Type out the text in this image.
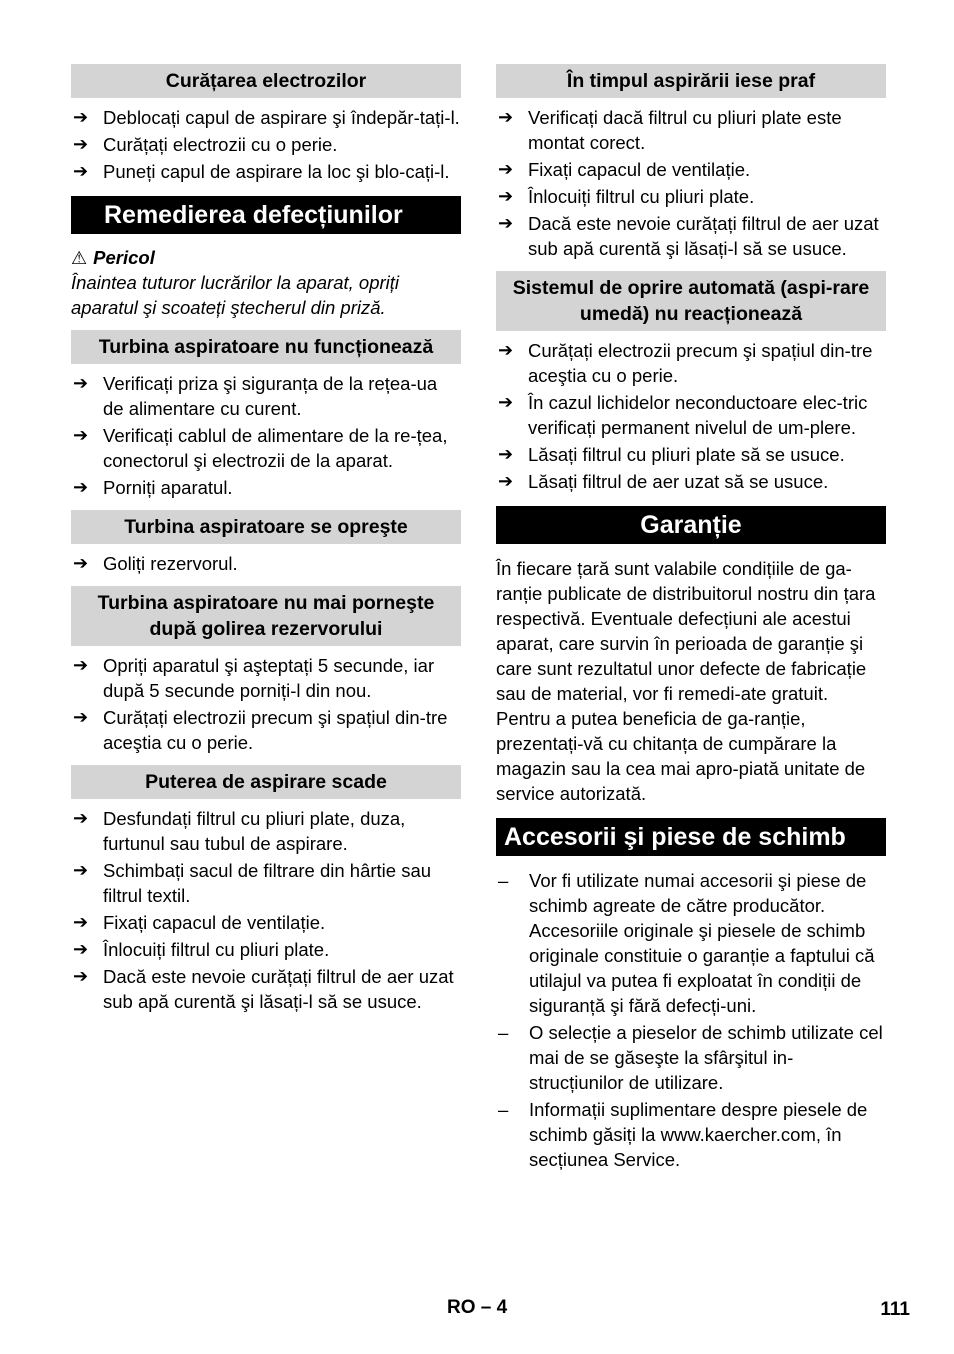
Curățarea electrozilor
➔ Deblocați capul de aspirare şi îndepăr-tați-l.
➔ Curățați electrozii cu o perie.
➔ Puneți capul de aspirare la loc şi blo-cați-l.
Remedierea defecțiunilor
⚠ Pericol
Înaintea tuturor lucrărilor la aparat, opriți aparatul şi scoateți ştecherul din priză.
Turbina aspiratoare nu funcționează
➔ Verificați priza şi siguranța de la rețea-ua de alimentare cu curent.
➔ Verificați cablul de alimentare de la re-țea, conectorul şi electrozii de la aparat.
➔ Porniți aparatul.
Turbina aspiratoare se opreşte
➔ Goliți rezervorul.
Turbina aspiratoare nu mai porneşte după golirea rezervorului
➔ Opriți aparatul şi aşteptați 5 secunde, iar după 5 secunde porniți-l din nou.
➔ Curățați electrozii precum şi spațiul din-tre aceştia cu o perie.
Puterea de aspirare scade
➔ Desfundați filtrul cu pliuri plate, duza, furtunul sau tubul de aspirare.
➔ Schimbați sacul de filtrare din hârtie sau filtrul textil.
➔ Fixați capacul de ventilație.
➔ Înlocuiți filtrul cu pliuri plate.
➔ Dacă este nevoie curățați filtrul de aer uzat sub apă curentă şi lăsați-l să se usuce.
În timpul aspirării iese praf
➔ Verificați dacă filtrul cu pliuri plate este montat corect.
➔ Fixați capacul de ventilație.
➔ Înlocuiți filtrul cu pliuri plate.
➔ Dacă este nevoie curățați filtrul de aer uzat sub apă curentă şi lăsați-l să se usuce.
Sistemul de oprire automată (aspi-rare umedă) nu reacționează
➔ Curățați electrozii precum şi spațiul din-tre aceştia cu o perie.
➔ În cazul lichidelor neconductoare elec-tric verificați permanent nivelul de um-plere.
➔ Lăsați filtrul cu pliuri plate să se usuce.
➔ Lăsați filtrul de aer uzat să se usuce.
Garanție
În fiecare țară sunt valabile condițiile de ga-ranție publicate de distribuitorul nostru din țara respectivă. Eventuale defecțiuni ale acestui aparat, care survin în perioada de garanție şi care sunt rezultatul unor defecte de fabricație sau de material, vor fi remedi-ate gratuit. Pentru a putea beneficia de ga-ranție, prezentați-vă cu chitanța de cumpărare la magazin sau la cea mai apro-piată unitate de service autorizată.
Accesorii şi piese de schimb
– Vor fi utilizate numai accesorii şi piese de schimb agreate de către producător. Accesoriile originale şi piesele de schimb originale constituie o garanție a faptului că utilajul va putea fi exploatat în condiții de siguranță şi fără defecți-uni.
– O selecție a pieselor de schimb utilizate cel mai de se găseşte la sfârşitul in-strucțiunilor de utilizare.
– Informații suplimentare despre piesele de schimb găsiți la www.kaercher.com, în secțiunea Service.
RO – 4	111
